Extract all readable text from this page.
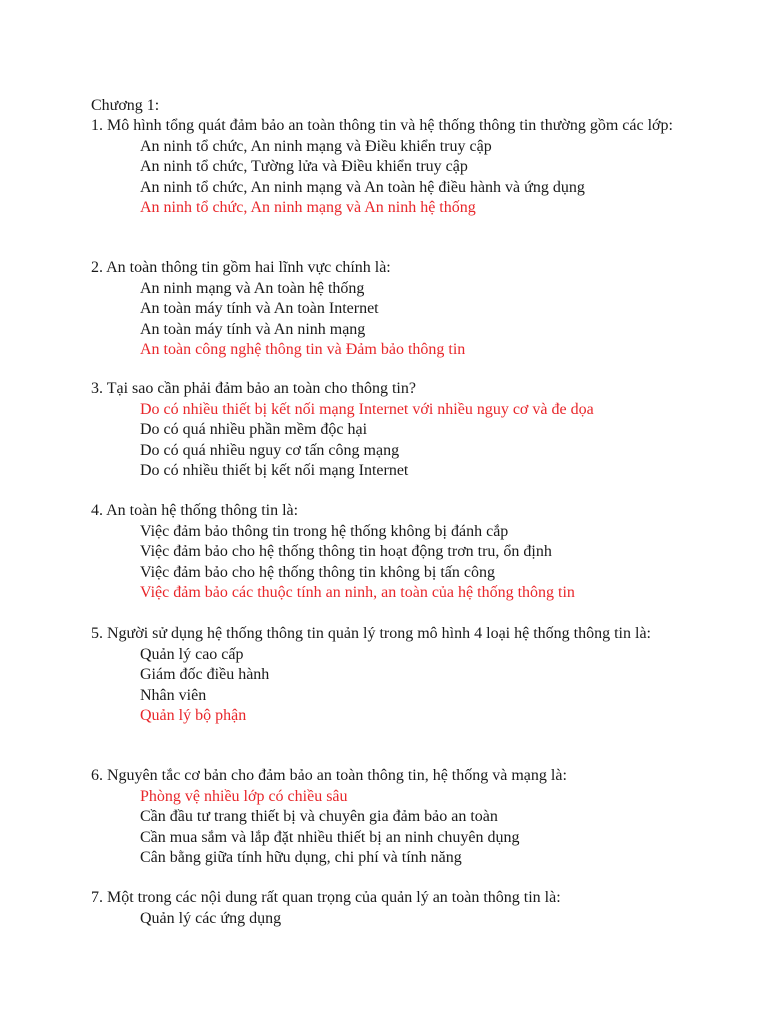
Chương 1:

1. Mô hình tổng quát đảm bảo an toàn thông tin và hệ thống thông tin thường gồm các lớp:

An ninh tổ chức, An ninh mạng và Điều khiển truy cập
An ninh tổ chức, Tường lửa và Điều khiển truy cập
An ninh tổ chức, An ninh mạng và An toàn hệ điều hành và ứng dụng
An ninh tổ chức, An ninh mạng và An ninh hệ thống

2. An toàn thông tin gồm hai lĩnh vực chính là:

An ninh mạng và An toàn hệ thống
An toàn máy tính và An toàn Internet
An toàn máy tính và An ninh mạng
An toàn công nghệ thông tin và Đảm bảo thông tin

3. Tại sao cần phải đảm bảo an toàn cho thông tin?

Do có nhiều thiết bị kết nối mạng Internet với nhiều nguy cơ và đe dọa
Do có quá nhiều phần mềm độc hại
Do có quá nhiều nguy cơ tấn công mạng
Do có nhiều thiết bị kết nối mạng Internet

4. An toàn hệ thống thông tin là:

Việc đảm bảo thông tin trong hệ thống không bị đánh cắp
Việc đảm bảo cho hệ thống thông tin hoạt động trơn tru, ổn định
Việc đảm bảo cho hệ thống thông tin không bị tấn công
Việc đảm bảo các thuộc tính an ninh, an toàn của hệ thống thông tin

5. Người sử dụng hệ thống thông tin quản lý trong mô hình 4 loại hệ thống thông tin là:

Quản lý cao cấp
Giám đốc điều hành
Nhân viên
Quản lý bộ phận

6. Nguyên tắc cơ bản cho đảm bảo an toàn thông tin, hệ thống và mạng là:

Phòng vệ nhiều lớp có chiều sâu
Cần đầu tư trang thiết bị và chuyên gia đảm bảo an toàn
Cần mua sắm và lắp đặt nhiều thiết bị an ninh chuyên dụng
Cân bằng giữa tính hữu dụng, chi phí và tính năng

7. Một trong các nội dung rất quan trọng của quản lý an toàn thông tin là:

Quản lý các ứng dụng
